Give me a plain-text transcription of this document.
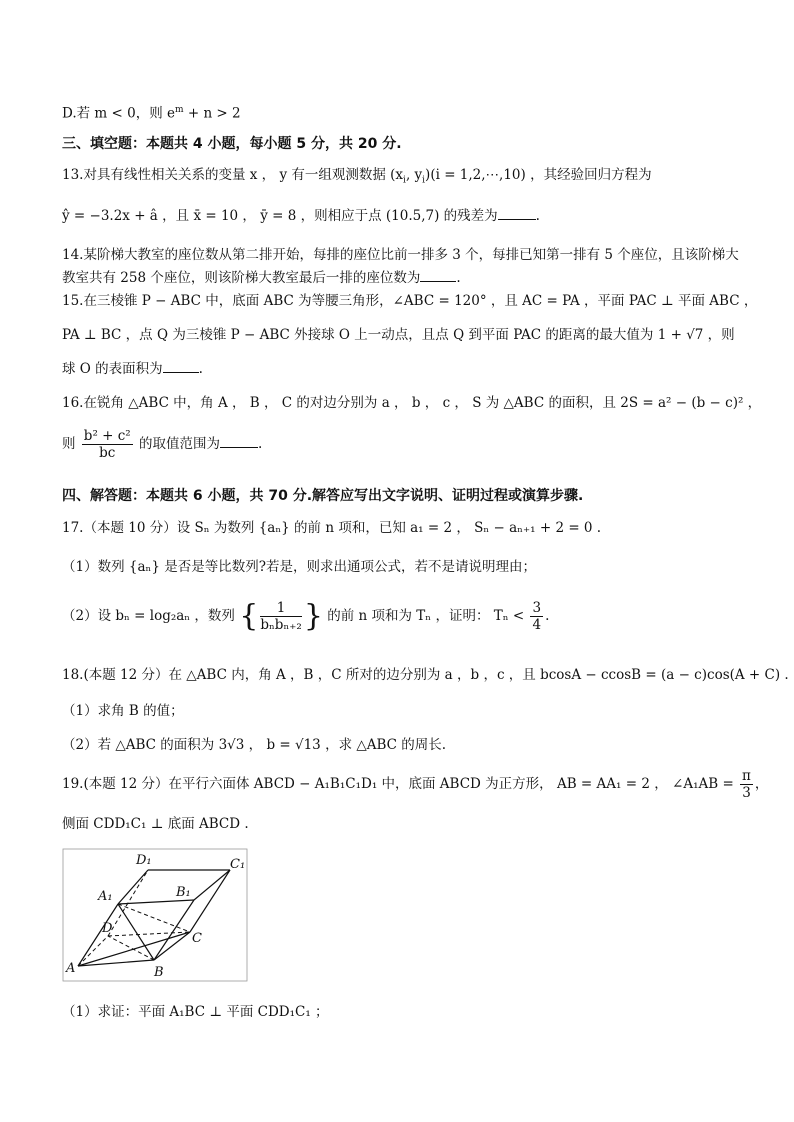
D.若 m < 0，则 $e^m + n > 2$
三、填空题：本题共 4 小题，每小题 5 分，共 20 分.
13.对具有线性相关关系的变量 x ， y 有一组观测数据 ($x_i$, $y_i)(i$ = 1,2,⋯,10) ，其经验回归方程为
ŷ = −3.2x + â ，且 x̄ = 10 ， ȳ = 8 ，则相应于点 (10.5,7) 的残差为	.
14.某阶梯大教室的座位数从第二排开始，每排的座位比前一排多 3 个，每排已知第一排有 5 个座位，且该阶梯大
教室共有 258 个座位，则该阶梯大教室最后一排的座位数为	.
15.在三棱锥 P − ABC 中，底面 ABC 为等腰三角形，∠ABC = 120° ，且 AC = PA ，平面 PAC ⊥ 平面 ABC ，
PA ⊥ BC ，点 Q 为三棱锥 P − ABC 外接球 O 上一动点，且点 Q 到平面 PAC 的距离的最大值为 1 + √7 ，则
球 O 的表面积为	.
16.在锐角 △ABC 中，角 A ， B ， C 的对边分别为 a ， b ， c ， S 为 △ABC 的面积，且 2S = a² − (b − c)² ，
则 $\frac{\text{b² + c²}}{bc}$ 的取值范围为	.
四、解答题：本题共 6 小题，共 70 分.解答应写出文字说明、证明过程或演算步骤.
17.（本题 10 分）设 Sₙ 为数列 {aₙ} 的前 n 项和，已知 a₁ = 2 ， Sₙ − aₙ₊₁ + 2 = 0 .
（1）数列 {aₙ} 是否是等比数列?若是，则求出通项公式，若不是请说明理由；
（2）设 bₙ = log₂aₙ ，数列 { $\frac{1}{\text{bₙbₙ₊₂}}$ } 的前 n 项和为 Tₙ ，证明： $T_n < \frac{3}{4}$ .
18.(本题 12 分）在 △ABC 内，角 A ，B ，C 所对的边分别为 a ，b ，c ，且 bcosA − ccosB = (a − c)cos(A + C) .
（1）求角 B 的值；
（2）若 △ABC 的面积为 3√3 ， b = √13 ，求 △ABC 的周长.
19.(本题 12 分）在平行六面体 ABCD − A₁B₁C₁D₁ 中，底面 ABCD 为正方形， AB = AA₁ = 2 ， ∠A₁AB = $\frac{\pi}{3}$ ，
侧面 CDD₁C₁ ⊥ 底面 ABCD .
D₁	C₁
A₁	B₁
D
C
A	B
（1）求证：平面 A₁BC ⊥ 平面 CDD₁C₁ ；
